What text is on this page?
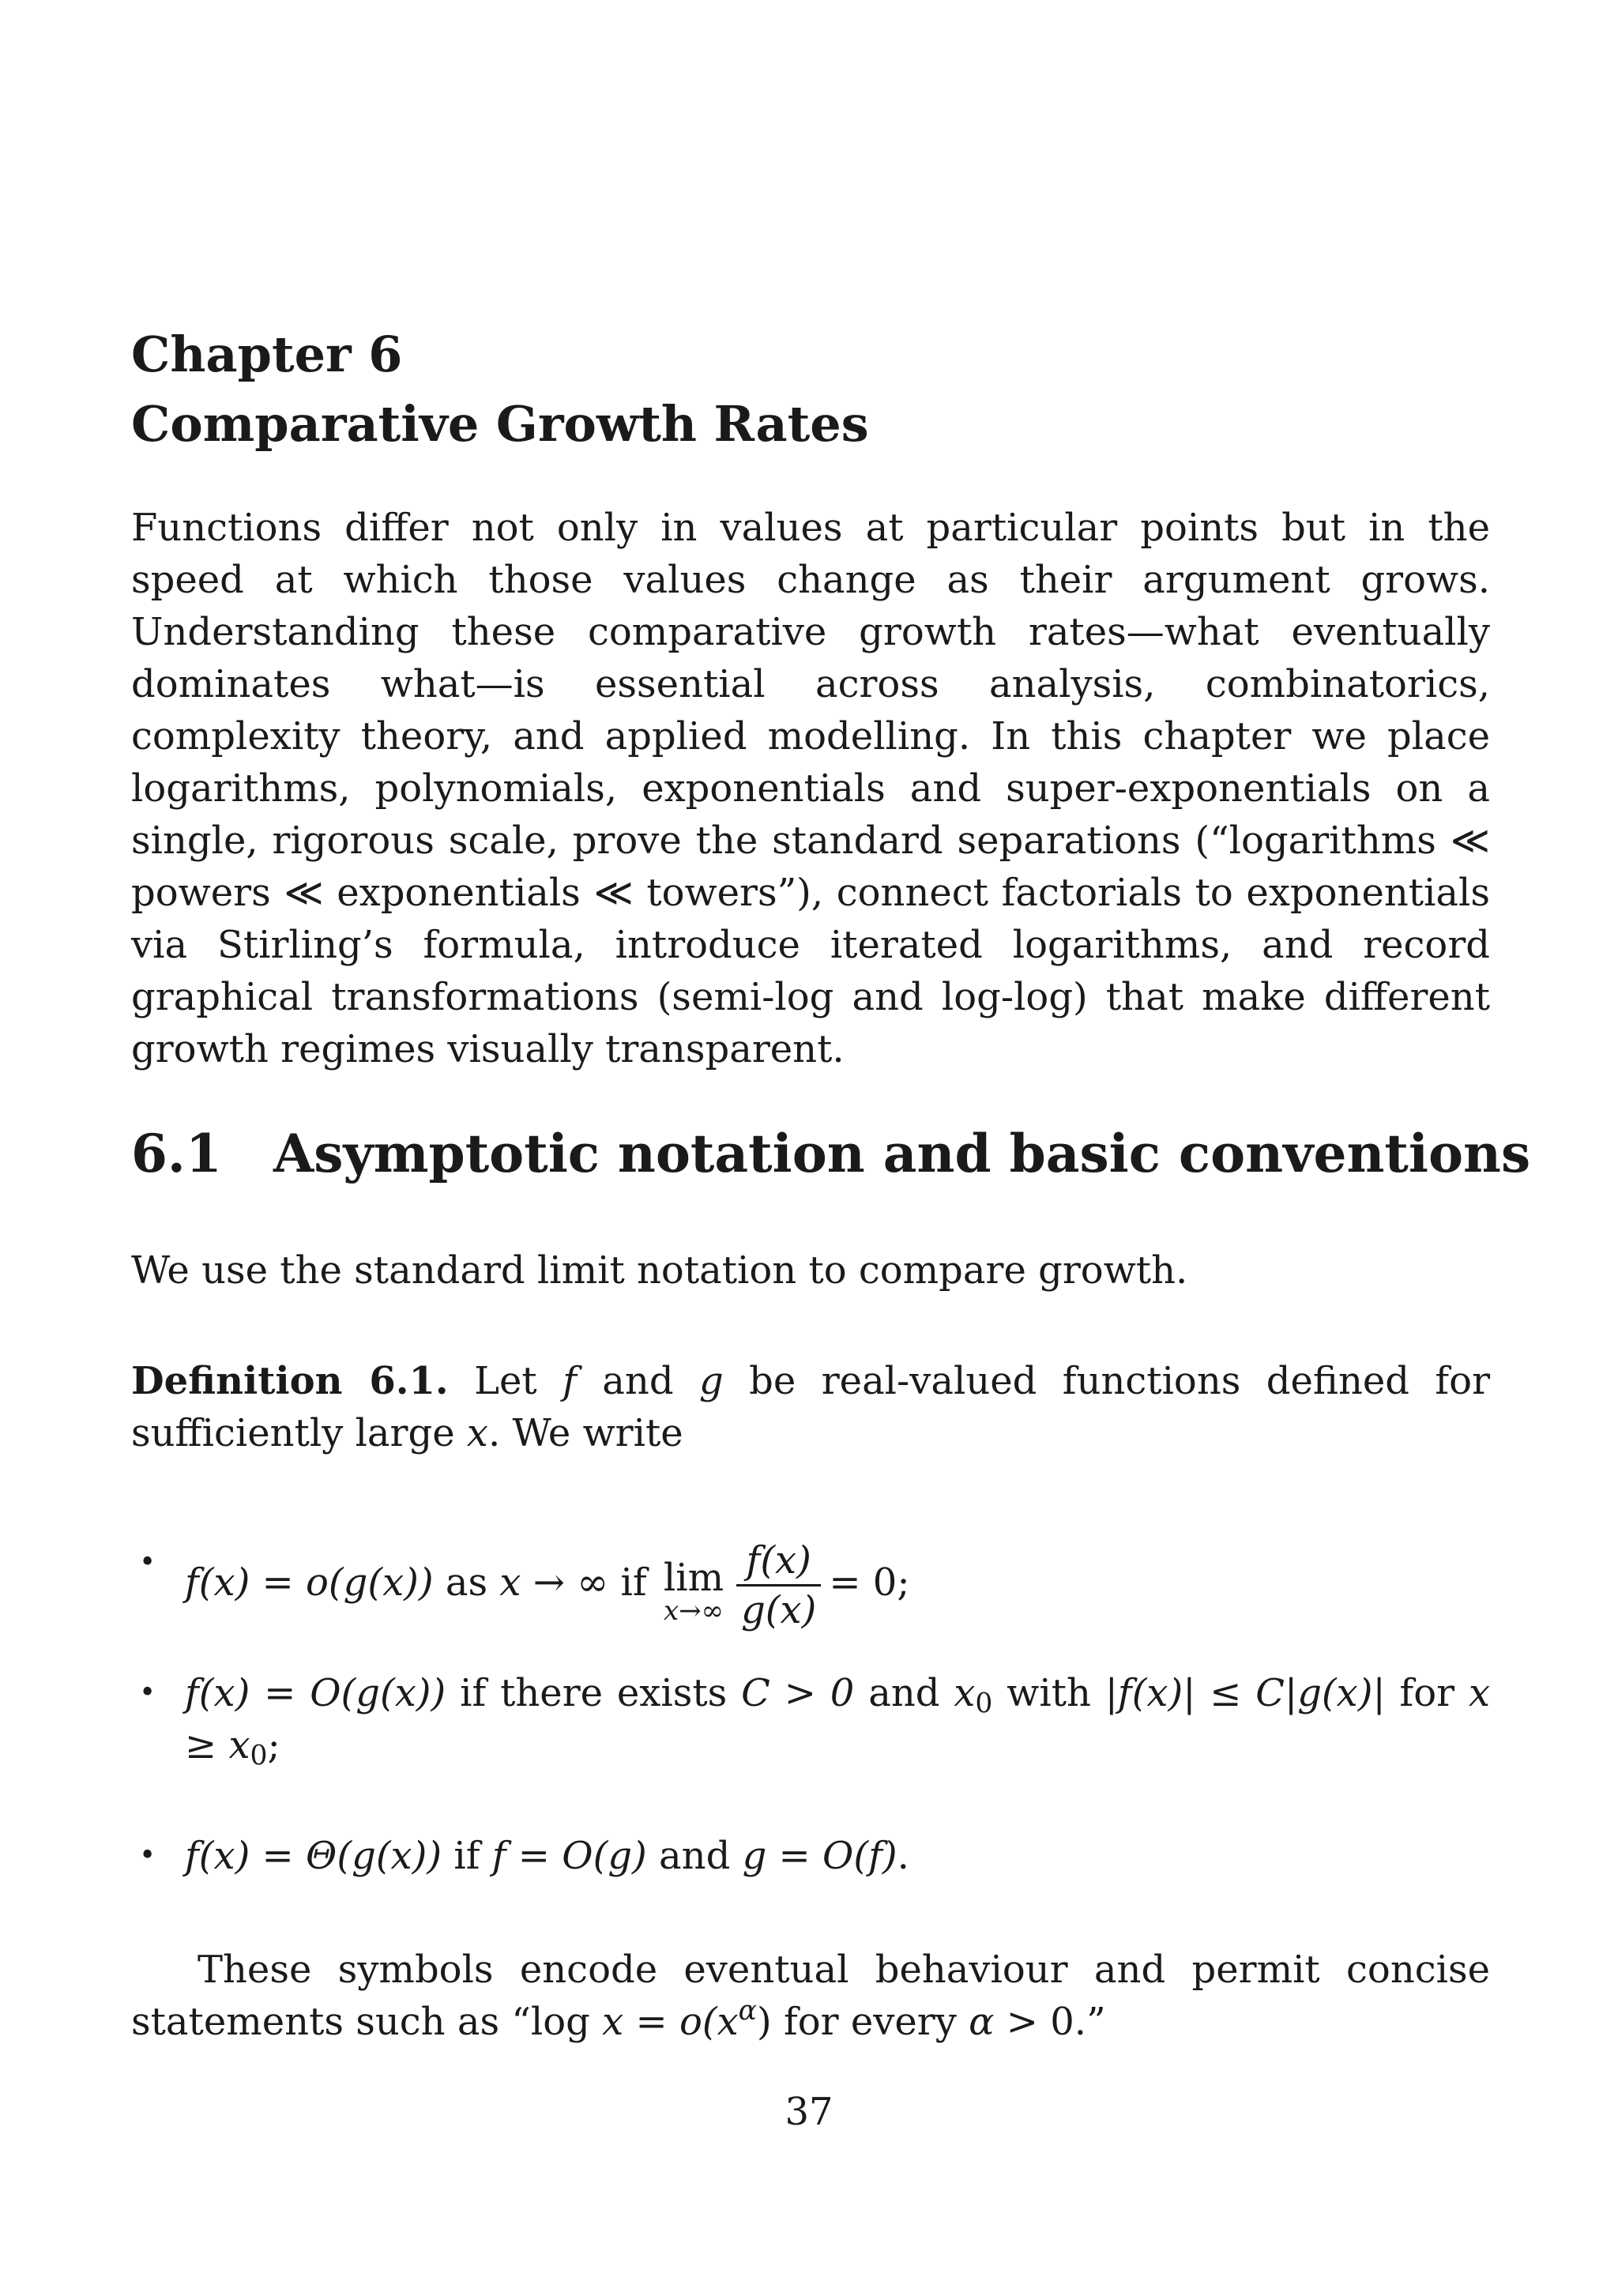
Chapter 6
Comparative Growth Rates

Functions differ not only in values at particular points but in the speed at which those values change as their argument grows. Understanding these comparative growth rates—what eventually dominates what—is essential across analysis, combinatorics, complexity theory, and applied modelling. In this chapter we place logarithms, polynomials, exponentials and super-exponentials on a single, rigorous scale, prove the standard separations (“logarithms ≪ powers ≪ exponentials ≪ towers”), connect factorials to exponentials via Stirling’s formula, introduce iterated logarithms, and record graphical transformations (semi-log and log-log) that make different growth regimes visually transparent.

6.1 Asymptotic notation and basic conventions

We use the standard limit notation to compare growth.

Definition 6.1. Let f and g be real-valued functions defined for sufficiently large x. We write

• f(x) = o(g(x)) as x → ∞ if lim
$x\to\infty \frac{f(x)}{g(x)} = 0$;
• f(x) = O(g(x)) if there exists C > 0 and $x_0$ with |f(x)| ≤ C|g(x)| for $x \ge x_0$;
• f(x) = Θ(g(x)) if f = O(g) and g = O(f).

These symbols encode eventual behaviour and permit concise statements such as “log $x = o(x^\alpha)$ for every α > 0.”

37
